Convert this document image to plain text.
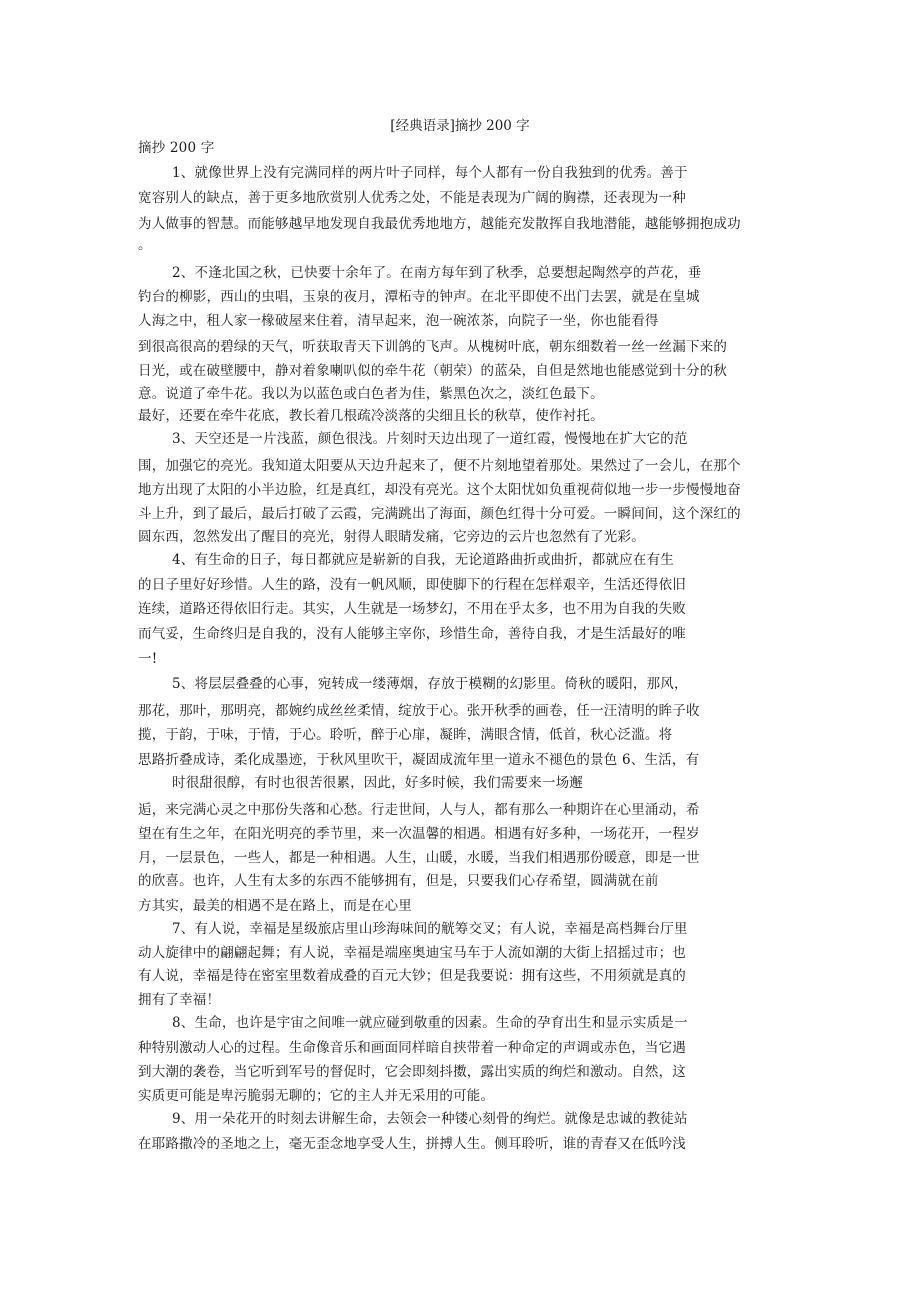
[经典语录]摘抄 200 字
摘抄 200 字
1、就像世界上没有完满同样的两片叶子同样，每个人都有一份自我独到的优秀。善于
宽容别人的缺点，善于更多地欣赏别人优秀之处，不能是表现为广阔的胸襟，还表现为一种
为人做事的智慧。而能够越早地发现自我最优秀地地方，越能充发散挥自我地潜能，越能够拥抱成功
。
2、不逢北国之秋，已快要十余年了。在南方每年到了秋季，总要想起陶然亭的芦花，垂
钓台的柳影，西山的虫唱，玉泉的夜月，潭柘寺的钟声。在北平即使不出门去罢，就是在皇城
人海之中，租人家一椽破屋来住着，清早起来，泡一碗浓茶，向院子一坐，你也能看得
到很高很高的碧绿的天气，听获取青天下训鸽的飞声。从槐树叶底，朝东细数着一丝一丝漏下来的
日光，或在破壁腰中，静对着象喇叭似的牵牛花（朝荣）的蓝朵，自但是然地也能感觉到十分的秋
意。说道了牵牛花。我以为以蓝色或白色者为佳，紫黑色次之，淡红色最下。
最好，还要在牵牛花底，教长着几根疏冷淡落的尖细且长的秋草，使作衬托。
3、天空还是一片浅蓝，颜色很浅。片刻时天边出现了一道红霞，慢慢地在扩大它的范
围，加强它的亮光。我知道太阳要从天边升起来了，便不片刻地望着那处。果然过了一会儿，在那个
地方出现了太阳的小半边脸，红是真红，却没有亮光。这个太阳忧如负重视荷似地一步一步慢慢地奋
斗上升，到了最后，最后打破了云霞，完满跳出了海面，颜色红得十分可爱。一瞬间间，这个深红的
圆东西，忽然发出了醒目的亮光，射得人眼睛发痛，它旁边的云片也忽然有了光彩。
4、有生命的日子，每日都就应是崭新的自我，无论道路曲折或曲折，都就应在有生
的日子里好好珍惜。人生的路，没有一帆风顺，即使脚下的行程在怎样艰辛，生活还得依旧
连续，道路还得依旧行走。其实，人生就是一场梦幻，不用在乎太多，也不用为自我的失败
而气妥，生命终归是自我的，没有人能够主宰你，珍惜生命，善待自我，才是生活最好的唯
一!
5、将层层叠叠的心事，宛转成一缕薄烟，存放于模糊的幻影里。倚秋的暖阳，那风，
那花，那叶，那明亮，都婉约成丝丝柔情，绽放于心。张开秋季的画卷，任一汪清明的眸子收
揽，于韵，于味，于情，于心。聆听，醉于心扉，凝眸，满眼含情，低首，秋心泛滥。将
思路折叠成诗，柔化成墨迹，于秋风里吹干，凝固成流年里一道永不褪色的景色 6、生活，有
时很甜很醇，有时也很苦很累，因此，好多时候，我们需要来一场邂
逅，来完满心灵之中那份失落和心愁。行走世间，人与人，都有那么一种期许在心里涌动，希
望在有生之年，在阳光明亮的季节里，来一次温馨的相遇。相遇有好多种，一场花开，一程岁
月，一层景色，一些人，都是一种相遇。人生，山暖，水暖，当我们相遇那份暖意，即是一世
的欣喜。也许，人生有太多的东西不能够拥有，但是，只要我们心存希望，圆满就在前
方其实，最美的相遇不是在路上，而是在心里
7、有人说，幸福是星级旅店里山珍海味间的觥筹交叉；有人说，幸福是高档舞台厅里
动人旋律中的翩翩起舞；有人说，幸福是端座奥迪宝马车于人流如潮的大街上招摇过市；也
有人说，幸福是待在密室里数着成叠的百元大钞；但是我要说：拥有这些，不用须就是真的
拥有了幸福！
8、生命，也许是宇宙之间唯一就应碰到敬重的因素。生命的孕育出生和显示实质是一
种特别激动人心的过程。生命像音乐和画面同样暗自挟带着一种命定的声调或赤色，当它遇
到大潮的袭卷，当它听到军号的督促时，它会即刻抖擞，露出实质的绚烂和激动。自然，这
实质更可能是卑污脆弱无聊的；它的主人并无采用的可能。
9、用一朵花开的时刻去讲解生命，去领会一种镂心刻骨的绚烂。就像是忠诚的教徒站
在耶路撒冷的圣地之上，毫无歪念地享受人生，拼搏人生。侧耳聆听，谁的青春又在低吟浅
